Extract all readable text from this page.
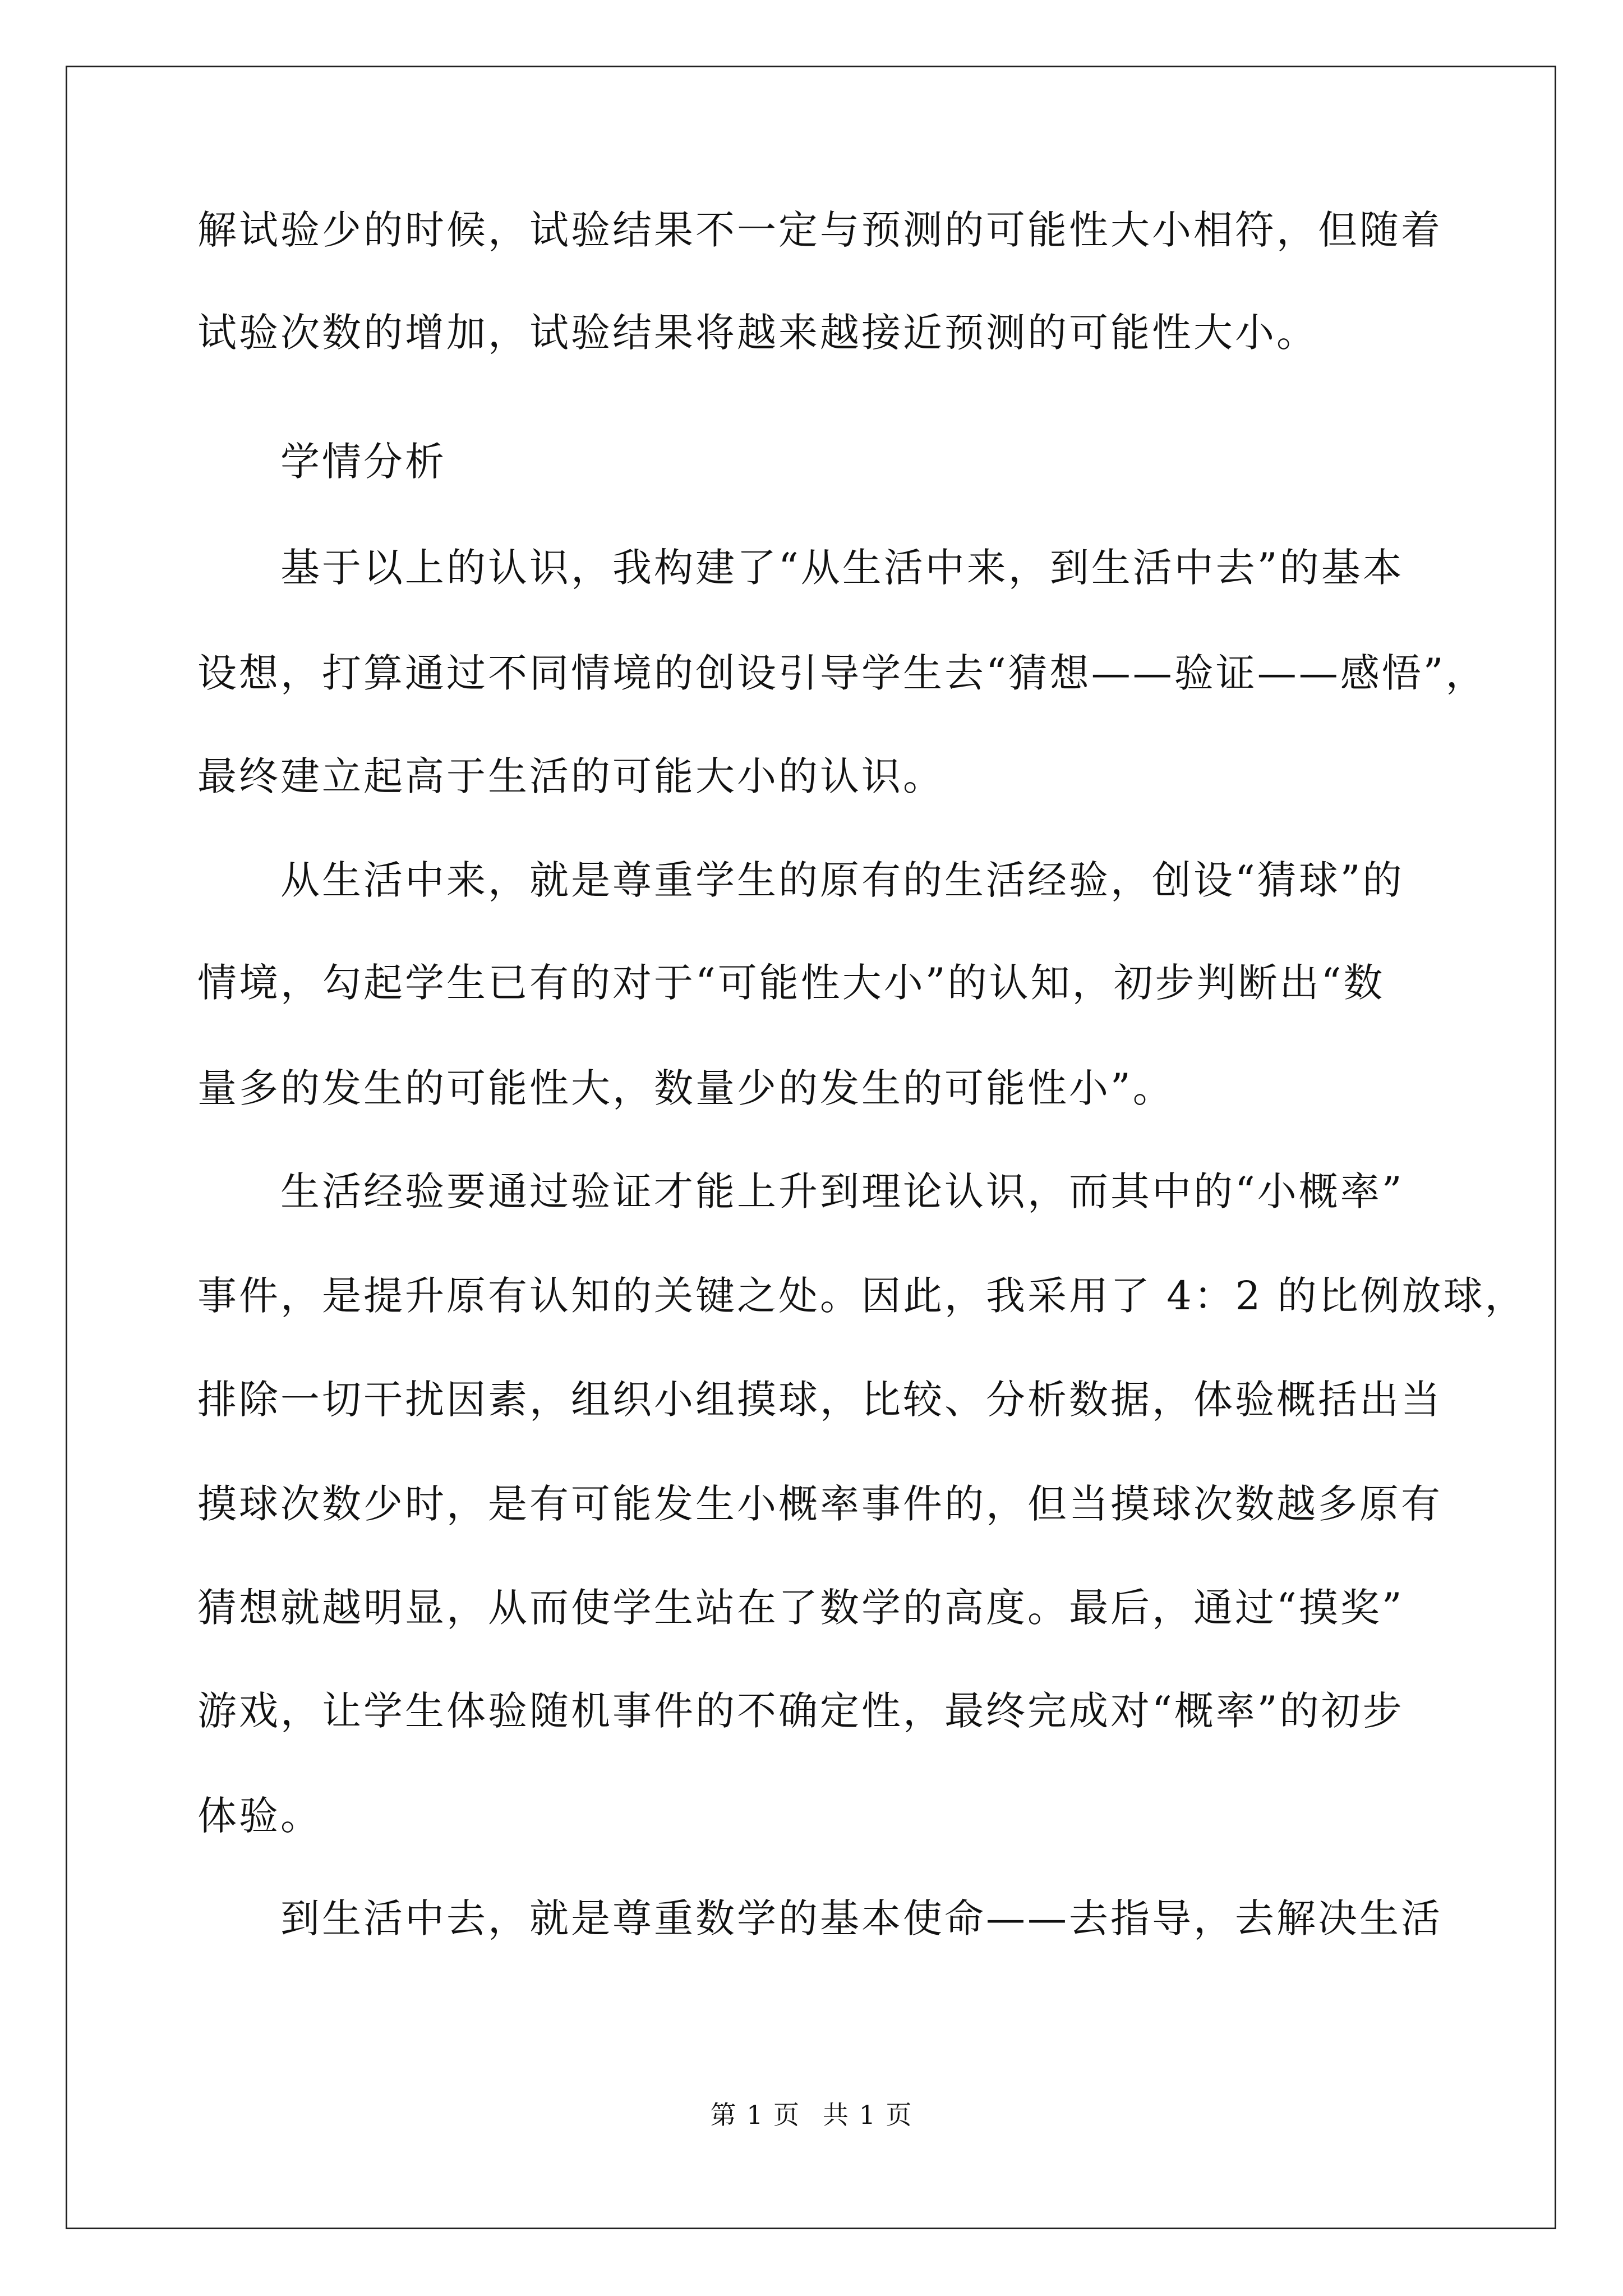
解试验少的时候，试验结果不一定与预测的可能性大小相符，但随着
试验次数的增加，试验结果将越来越接近预测的可能性大小。
学情分析
基于以上的认识，我构建了“从生活中来，到生活中去”的基本
设想，打算通过不同情境的创设引导学生去“猜想——验证——感悟”，
最终建立起高于生活的可能大小的认识。
从生活中来，就是尊重学生的原有的生活经验，创设“猜球”的
情境，勾起学生已有的对于“可能性大小”的认知，初步判断出“数
量多的发生的可能性大，数量少的发生的可能性小”。
生活经验要通过验证才能上升到理论认识，而其中的“小概率”
事件，是提升原有认知的关键之处。因此，我采用了 4：2 的比例放球，
排除一切干扰因素，组织小组摸球，比较、分析数据，体验概括出当
摸球次数少时，是有可能发生小概率事件的，但当摸球次数越多原有
猜想就越明显，从而使学生站在了数学的高度。最后，通过“摸奖”
游戏，让学生体验随机事件的不确定性，最终完成对“概率”的初步
体验。
到生活中去，就是尊重数学的基本使命——去指导，去解决生活
第 1 页 共 1 页
